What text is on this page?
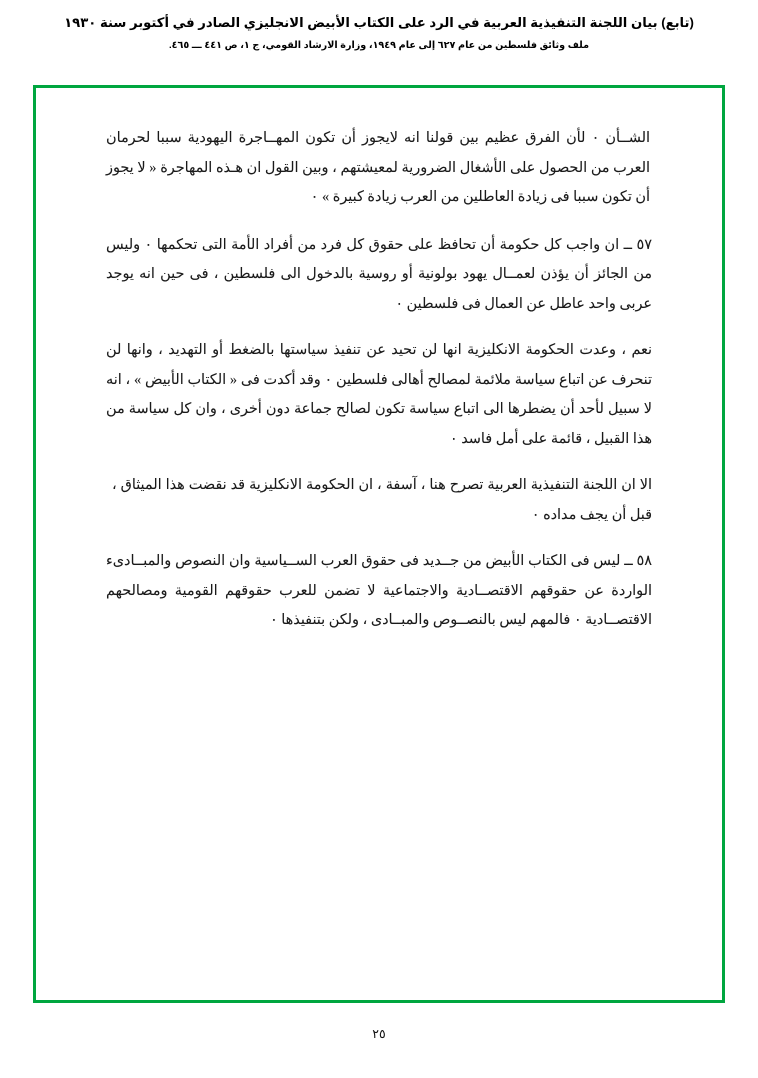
(تابع) بيان اللجنة التنفيذية العربية في الرد على الكتاب الأبيض الانجليزي الصادر في أكتوبر سنة ١٩٣٠
ملف وثائق فلسطين من عام ٦٢٧ إلى عام ١٩٤٩، وزارة الارشاد القومي، ج ١، ص ٤٤١ ـــ ٤٦٥.

الشــأن ٠ لأن الفرق عظيم بين قولنا انه لايجوز أن تكون المهــاجرة اليهودية سببا لحرمان العرب من الحصول على الأشغال الضرورية لمعيشتهم ، وبين القول ان هـذه المهاجرة « لا يجوز أن تكون سببا فى زيادة العاطلين من العرب زيادة كبيرة » ٠

٥٧ ــ ان واجب كل حكومة أن تحافظ على حقوق كل فرد من أفراد الأمة التى تحكمها ٠ وليس من الجائز أن يؤذن لعمــال يهود بولونية أو روسية بالدخول الى فلسطين ، فى حين انه يوجد عربى واحد عاطل عن العمال فى فلسطين ٠

نعم ، وعدت الحكومة الانكليزية انها لن تحيد عن تنفيذ سياستها بالضغط أو التهديد ، وانها لن تنحرف عن اتباع سياسة ملائمة لمصالح أهالى فلسطين ٠ وقد أكدت فى « الكتاب الأبيض » ، انه لا سبيل لأحد أن يضطرها الى اتباع سياسة تكون لصالح جماعة دون أخرى ، وان كل سياسة من هذا القبيل ، قائمة على أمل فاسد ٠

الا ان اللجنة التنفيذية العربية تصرح هنا ، آسفة ، ان الحكومة الانكليزية قد نقضت هذا الميثاق ، قبل أن يجف مداده ٠

٥٨ ــ ليس فى الكتاب الأبيض من جــديد فى حقوق العرب الســياسية وان النصوص والمبــادىء الواردة عن حقوقهم الاقتصــادية والاجتماعية لا تضمن للعرب حقوقهم القومية ومصالحهم الاقتصــادية ٠ فالمهم ليس بالنصــوص والمبــادى ، ولكن بتنفيذها ٠

٢٥
